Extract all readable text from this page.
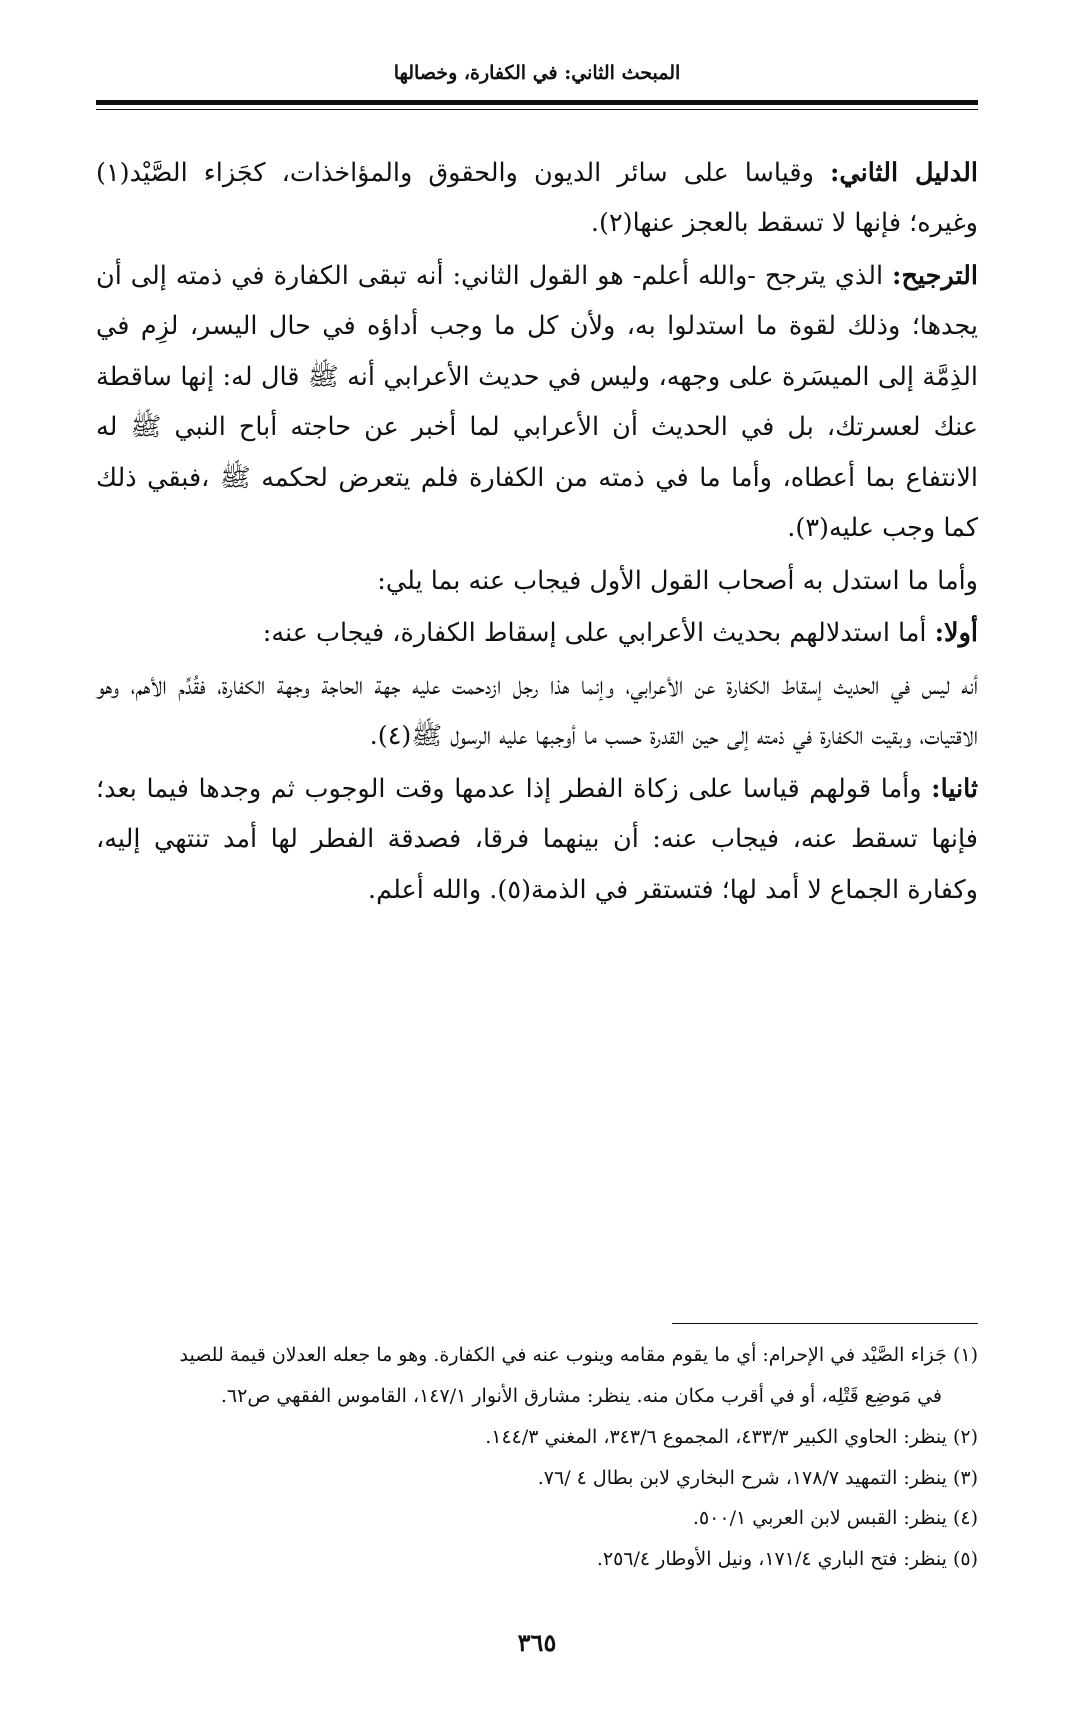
المبحث الثاني: في الكفارة، وخصالها

الدليل الثاني: وقياسا على سائر الديون والحقوق والمؤاخذات، كجَزاء الصَّيْد(١) وغيره؛ فإنها لا تسقط بالعجز عنها(٢).

الترجيح: الذي يترجح -والله أعلم- هو القول الثاني: أنه تبقى الكفارة في ذمته إلى أن يجدها؛ وذلك لقوة ما استدلوا به، ولأن كل ما وجب أداؤه في حال اليسر، لزِم في الذِمَّة إلى الميسَرة على وجهه، وليس في حديث الأعرابي أنه ﷺ قال له: إنها ساقطة عنك لعسرتك، بل في الحديث أن الأعرابي لما أخبر عن حاجته أباح النبي ﷺ له الانتفاع بما أعطاه، وأما ما في ذمته من الكفارة فلم يتعرض لحكمه ﷺ ،فبقي ذلك كما وجب عليه(٣).

وأما ما استدل به أصحاب القول الأول فيجاب عنه بما يلي:

أولا: أما استدلالهم بحديث الأعرابي على إسقاط الكفارة، فيجاب عنه:

أنه ليس في الحديث إسقاط الكفارة عن الأعرابي، وإنما هذا رجل ازدحمت عليه جهة الحاجة وجهة الكفارة، فقُدِّم الأهم، وهو الاقتيات، وبقيت الكفارة في ذمته إلى حين القدرة حسب ما أوجبها عليه الرسول ﷺ(٤).

ثانيا: وأما قولهم قياسا على زكاة الفطر إذا عدمها وقت الوجوب ثم وجدها فيما بعد؛ فإنها تسقط عنه، فيجاب عنه: أن بينهما فرقا، فصدقة الفطر لها أمد تنتهي إليه، وكفارة الجماع لا أمد لها؛ فتستقر في الذمة(٥). والله أعلم.

(١) جَزاء الصَّيْد في الإحرام: أي ما يقوم مقامه وينوب عنه في الكفارة. وهو ما جعله العدلان قيمة للصيد

في مَوضِع قَتْلِه، أو في أقرب مكان منه. ينظر: مشارق الأنوار ١٤٧/١، القاموس الفقهي ص٦٢.

(٢) ينظر: الحاوي الكبير ٤٣٣/٣، المجموع ٣٤٣/٦، المغني ١٤٤/٣.

(٣) ينظر: التمهيد ١٧٨/٧، شرح البخاري لابن بطال ٤ /٧٦.

(٤) ينظر: القبس لابن العربي ٥٠٠/١.

(٥) ينظر: فتح الباري ١٧١/٤، ونيل الأوطار ٢٥٦/٤.

٣٦٥
